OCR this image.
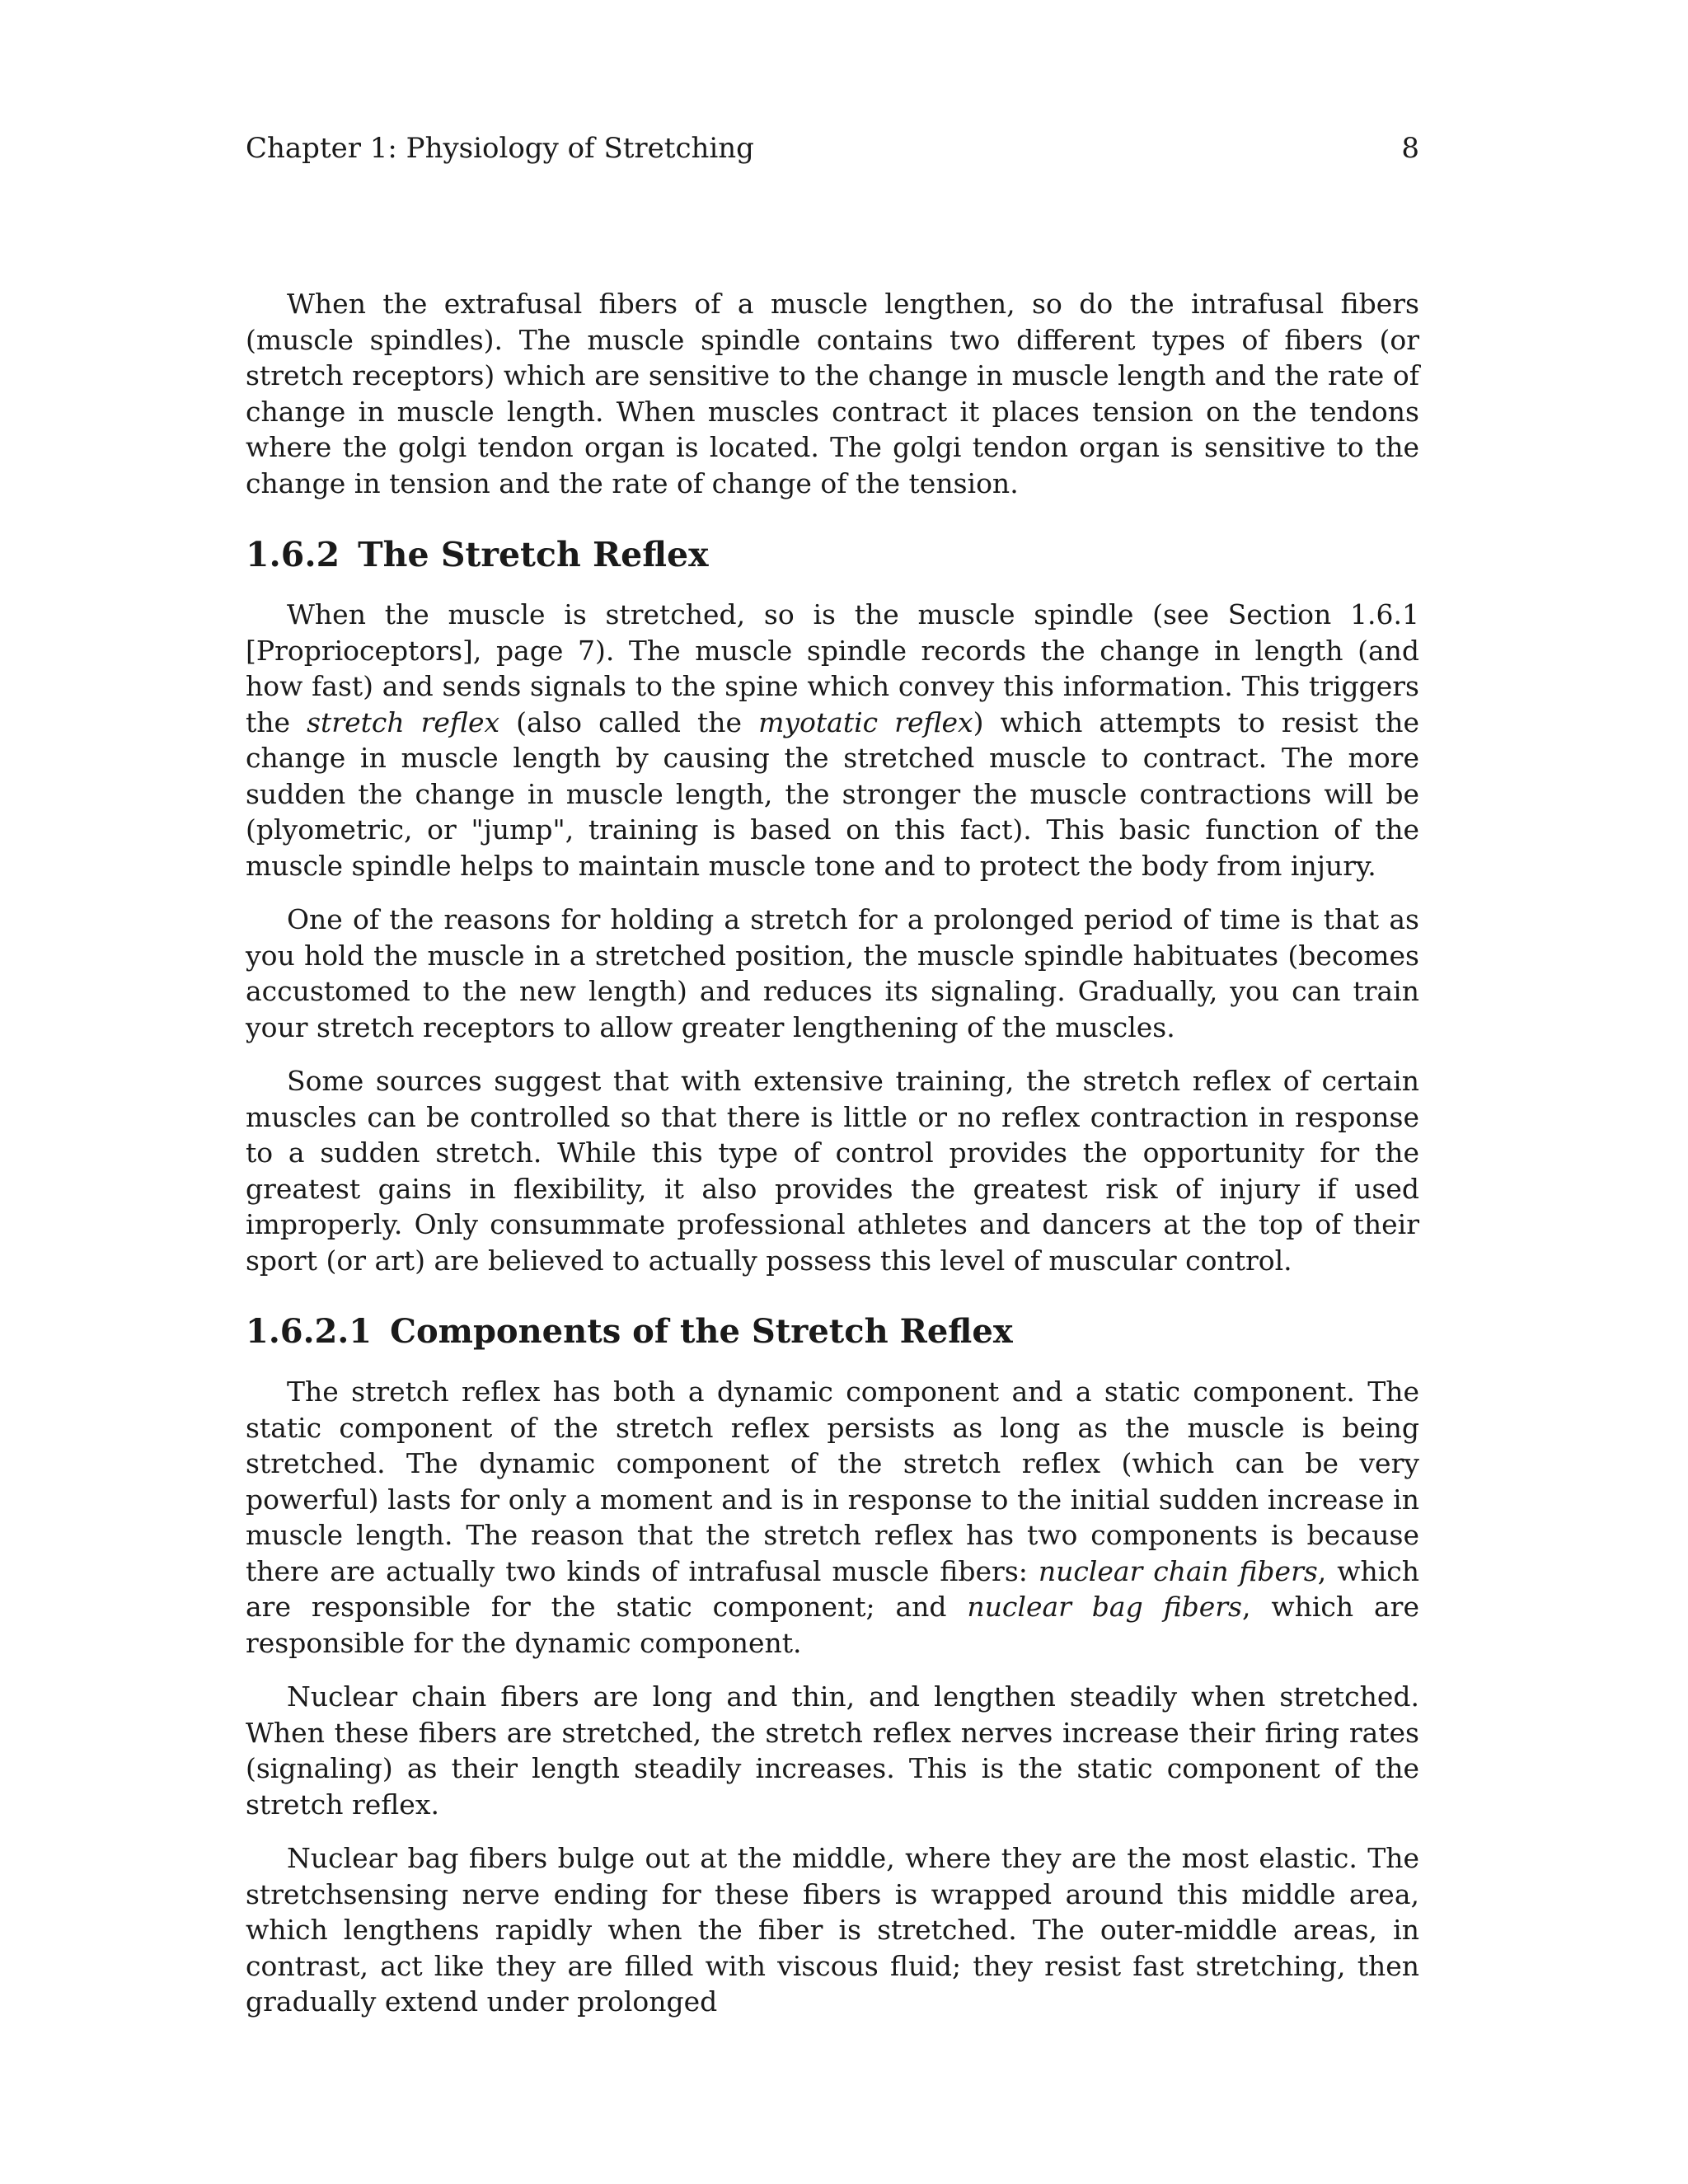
Chapter 1: Physiology of Stretching	8

When the extrafusal fibers of a muscle lengthen, so do the intrafusal fibers (muscle spindles). The muscle spindle contains two different types of fibers (or stretch receptors) which are sensitive to the change in muscle length and the rate of change in muscle length. When muscles contract it places tension on the tendons where the golgi tendon organ is located. The golgi tendon organ is sensitive to the change in tension and the rate of change of the tension.

1.6.2 The Stretch Reflex

When the muscle is stretched, so is the muscle spindle (see Section 1.6.1 [Proprioceptors], page 7). The muscle spindle records the change in length (and how fast) and sends signals to the spine which convey this information. This triggers the stretch reflex (also called the myotatic reflex) which attempts to resist the change in muscle length by causing the stretched muscle to contract. The more sudden the change in muscle length, the stronger the muscle contractions will be (plyometric, or "jump", training is based on this fact). This basic function of the muscle spindle helps to maintain muscle tone and to protect the body from injury.

One of the reasons for holding a stretch for a prolonged period of time is that as you hold the muscle in a stretched position, the muscle spindle habituates (becomes accustomed to the new length) and reduces its signaling. Gradually, you can train your stretch receptors to allow greater lengthening of the muscles.

Some sources suggest that with extensive training, the stretch reflex of certain muscles can be controlled so that there is little or no reflex contraction in response to a sudden stretch. While this type of control provides the opportunity for the greatest gains in flexibility, it also provides the greatest risk of injury if used improperly. Only consummate professional athletes and dancers at the top of their sport (or art) are believed to actually possess this level of muscular control.

1.6.2.1 Components of the Stretch Reflex

The stretch reflex has both a dynamic component and a static component. The static component of the stretch reflex persists as long as the muscle is being stretched. The dynamic component of the stretch reflex (which can be very powerful) lasts for only a moment and is in response to the initial sudden increase in muscle length. The reason that the stretch reflex has two components is because there are actually two kinds of intrafusal muscle fibers: nuclear chain fibers, which are responsible for the static component; and nuclear bag fibers, which are responsible for the dynamic component.

Nuclear chain fibers are long and thin, and lengthen steadily when stretched. When these fibers are stretched, the stretch reflex nerves increase their firing rates (signaling) as their length steadily increases. This is the static component of the stretch reflex.

Nuclear bag fibers bulge out at the middle, where they are the most elastic. The stretchsensing nerve ending for these fibers is wrapped around this middle area, which lengthens rapidly when the fiber is stretched. The outer-middle areas, in contrast, act like they are filled with viscous fluid; they resist fast stretching, then gradually extend under prolonged
